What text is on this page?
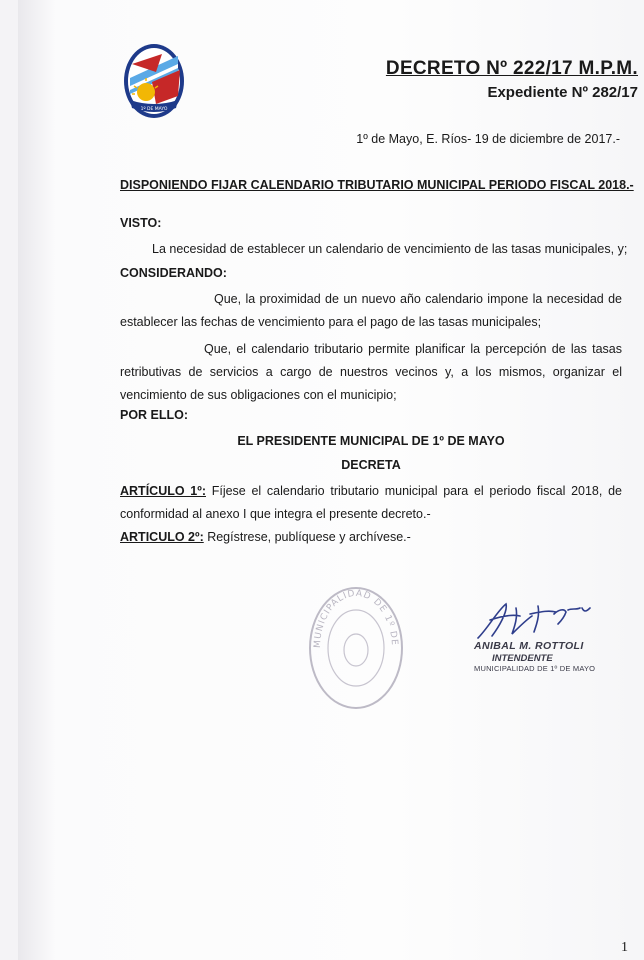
1º DE MAYO
DECRETO Nº 222/17 M.P.M.
Expediente Nº 282/17
1º de Mayo, E. Ríos- 19 de diciembre de 2017.-
DISPONIENDO FIJAR CALENDARIO TRIBUTARIO MUNICIPAL PERIODO FISCAL 2018.-
VISTO:
La necesidad de establecer un calendario de vencimiento de las tasas municipales, y;
CONSIDERANDO:
Que, la proximidad de un nuevo año calendario impone la necesidad de establecer las fechas de vencimiento para el pago de las tasas municipales;
Que, el calendario tributario permite planificar la percepción de las tasas retributivas de servicios a cargo de nuestros vecinos y, a los mismos, organizar el vencimiento de sus obligaciones con el municipio;
POR ELLO:
EL PRESIDENTE MUNICIPAL DE 1º DE MAYO
DECRETA
ARTÍCULO 1º: Fíjese el calendario tributario municipal para el periodo fiscal 2018, de conformidad al anexo I que integra el presente decreto.-
ARTICULO 2º: Regístrese, publíquese y archívese.-
MUNICIPALIDAD DE 1º DE	ANIBAL M. ROTTOLI
INTENDENTE
MUNICIPALIDAD DE 1º DE MAYO
1
